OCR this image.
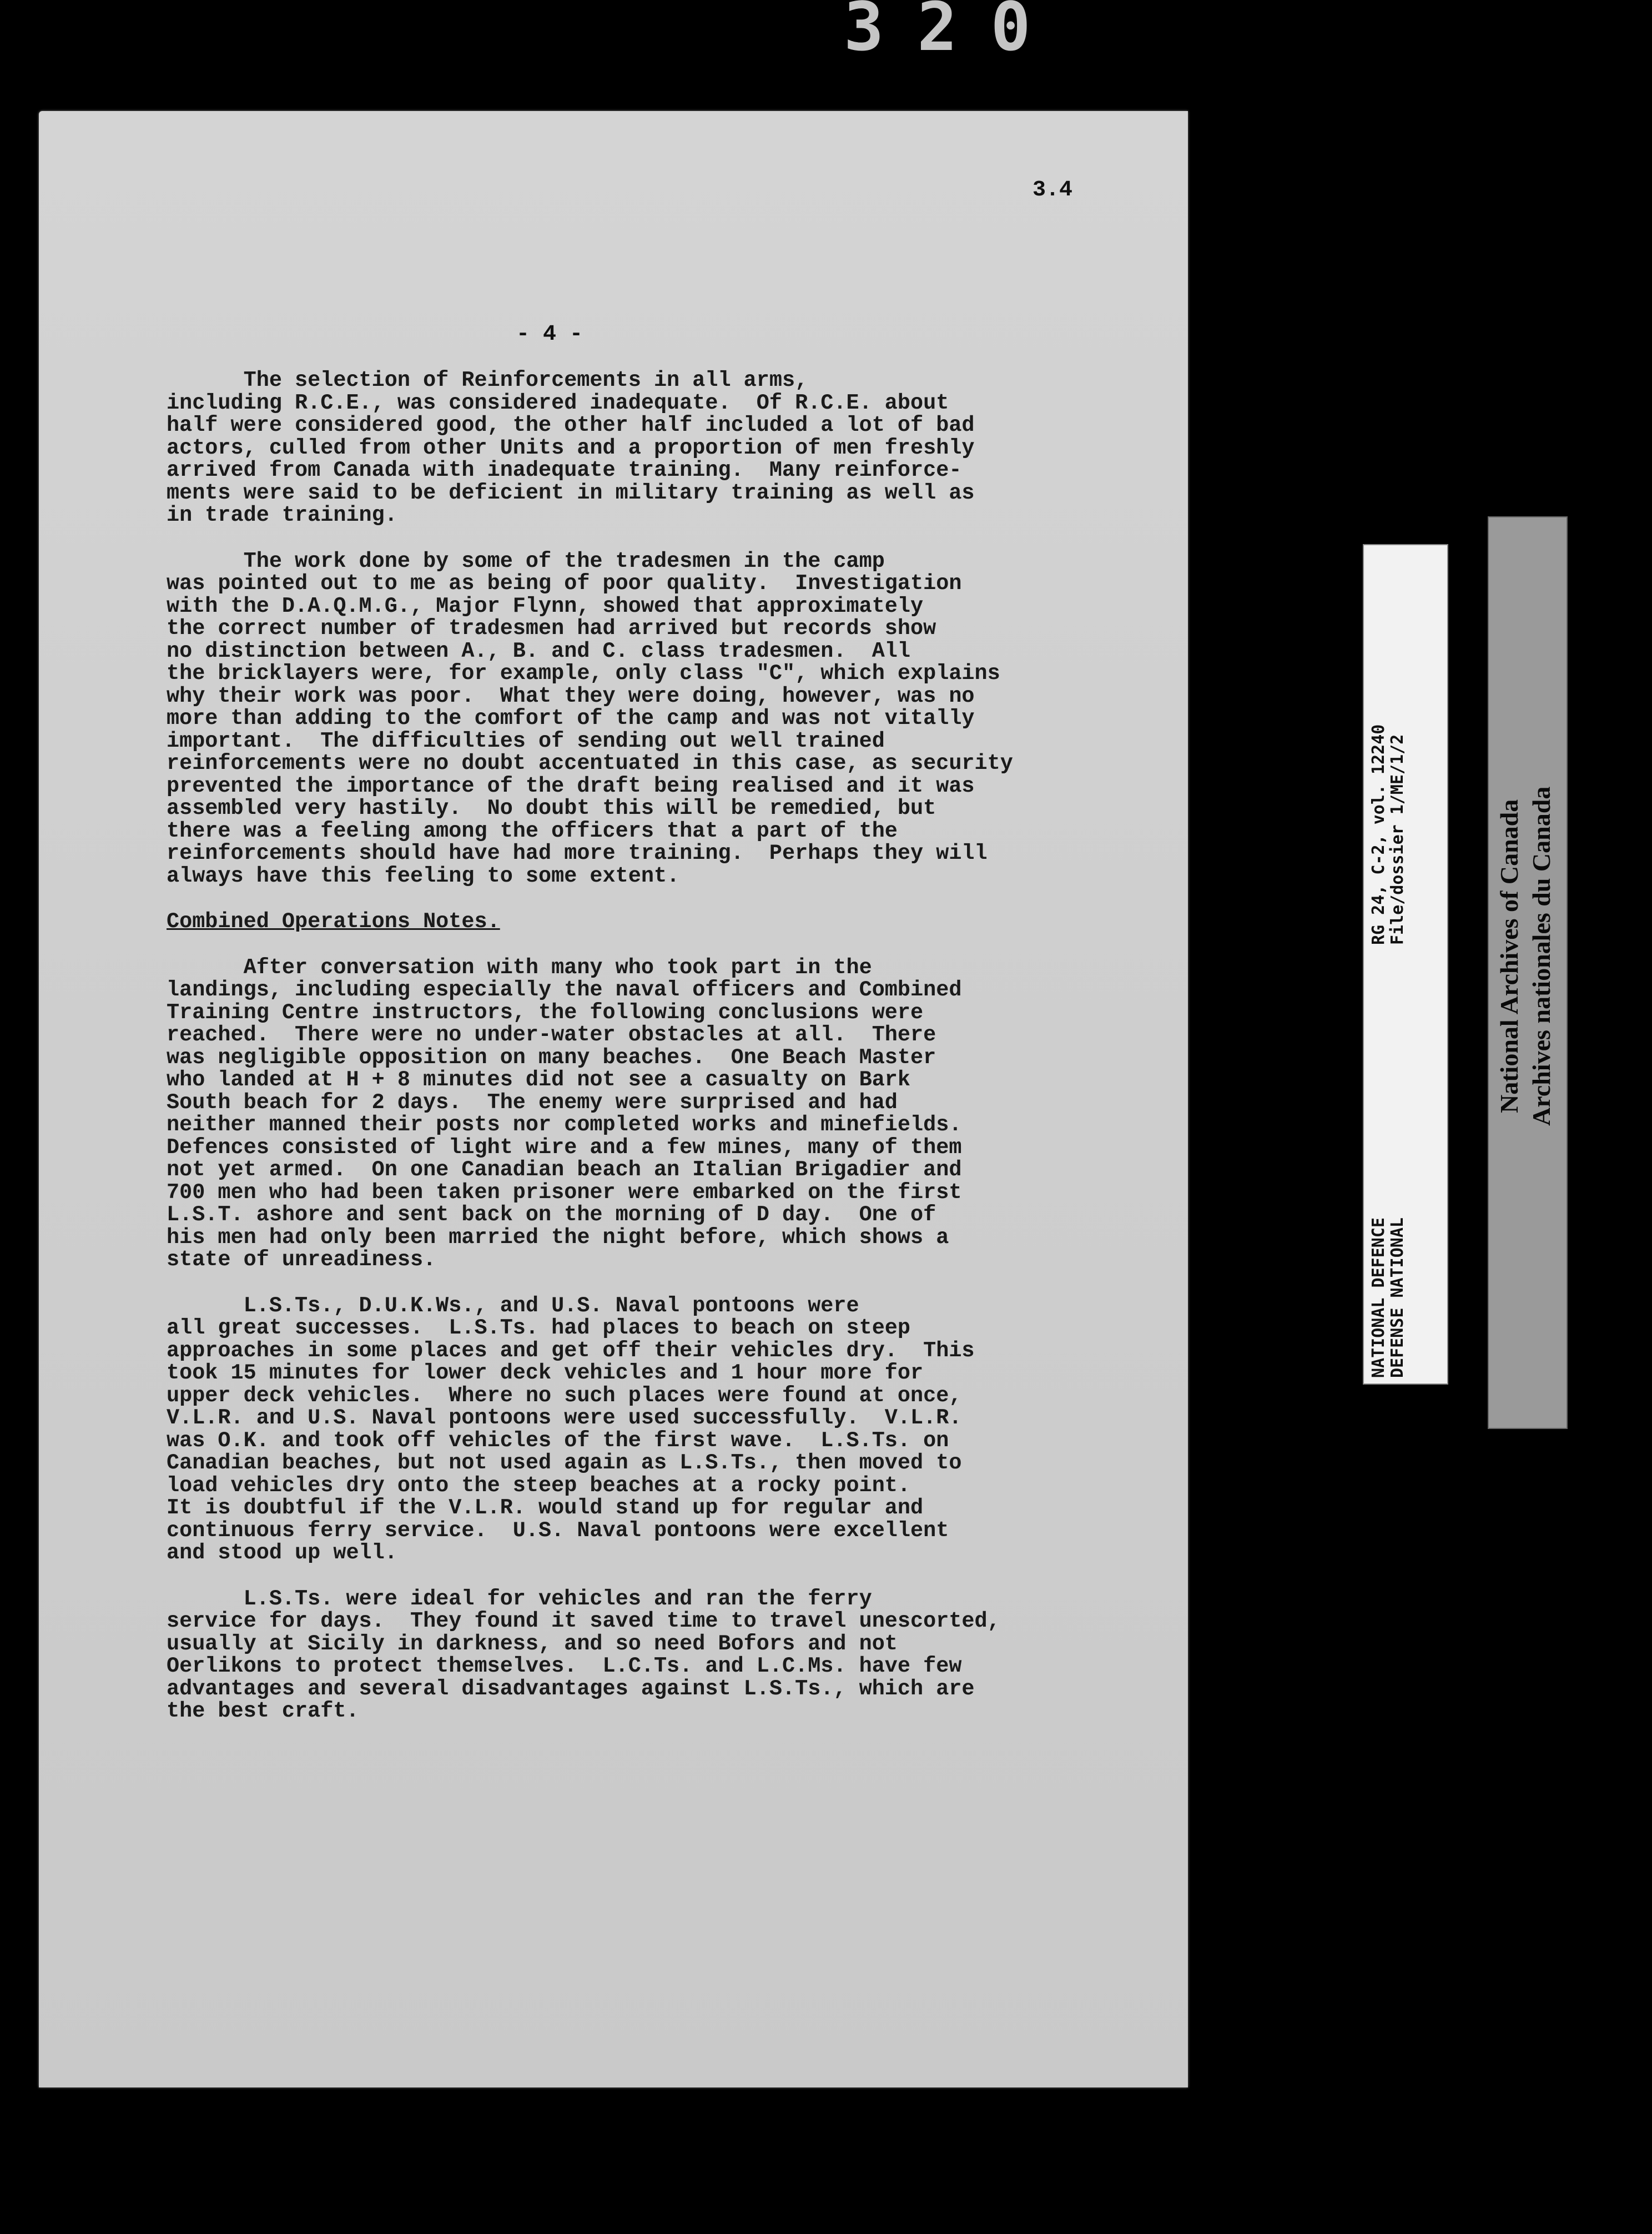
320
3.4
- 4 -

The selection of Reinforcements in all arms,
including R.C.E., was considered inadequate.  Of R.C.E. about
half were considered good, the other half included a lot of bad
actors, culled from other Units and a proportion of men freshly
arrived from Canada with inadequate training.  Many reinforce-
ments were said to be deficient in military training as well as
in trade training.

The work done by some of the tradesmen in the camp
was pointed out to me as being of poor quality.  Investigation
with the D.A.Q.M.G., Major Flynn, showed that approximately
the correct number of tradesmen had arrived but records show
no distinction between A., B. and C. class tradesmen.  All
the bricklayers were, for example, only class "C", which explains
why their work was poor.  What they were doing, however, was no
more than adding to the comfort of the camp and was not vitally
important.  The difficulties of sending out well trained
reinforcements were no doubt accentuated in this case, as security
prevented the importance of the draft being realised and it was
assembled very hastily.  No doubt this will be remedied, but
there was a feeling among the officers that a part of the
reinforcements should have had more training.  Perhaps they will
always have this feeling to some extent.

Combined Operations Notes.

After conversation with many who took part in the
landings, including especially the naval officers and Combined
Training Centre instructors, the following conclusions were
reached.  There were no under-water obstacles at all.  There
was negligible opposition on many beaches.  One Beach Master
who landed at H + 8 minutes did not see a casualty on Bark
South beach for 2 days.  The enemy were surprised and had
neither manned their posts nor completed works and minefields.
Defences consisted of light wire and a few mines, many of them
not yet armed.  On one Canadian beach an Italian Brigadier and
700 men who had been taken prisoner were embarked on the first
L.S.T. ashore and sent back on the morning of D day.  One of
his men had only been married the night before, which shows a
state of unreadiness.

L.S.Ts., D.U.K.Ws., and U.S. Naval pontoons were
all great successes.  L.S.Ts. had places to beach on steep
approaches in some places and get off their vehicles dry.  This
took 15 minutes for lower deck vehicles and 1 hour more for
upper deck vehicles.  Where no such places were found at once,
V.L.R. and U.S. Naval pontoons were used successfully.  V.L.R.
was O.K. and took off vehicles of the first wave.  L.S.Ts. on
Canadian beaches, but not used again as L.S.Ts., then moved to
load vehicles dry onto the steep beaches at a rocky point.
It is doubtful if the V.L.R. would stand up for regular and
continuous ferry service.  U.S. Naval pontoons were excellent
and stood up well.

L.S.Ts. were ideal for vehicles and ran the ferry
service for days.  They found it saved time to travel unescorted,
usually at Sicily in darkness, and so need Bofors and not
Oerlikons to protect themselves.  L.C.Ts. and L.C.Ms. have few
advantages and several disadvantages against L.S.Ts., which are
the best craft.

RG 24, C-2, vol. 12240 File/dossier 1/ME/1/2
NATIONAL DEFENCE DEFENSE NATIONAL
National Archives of Canada Archives nationales du Canada
